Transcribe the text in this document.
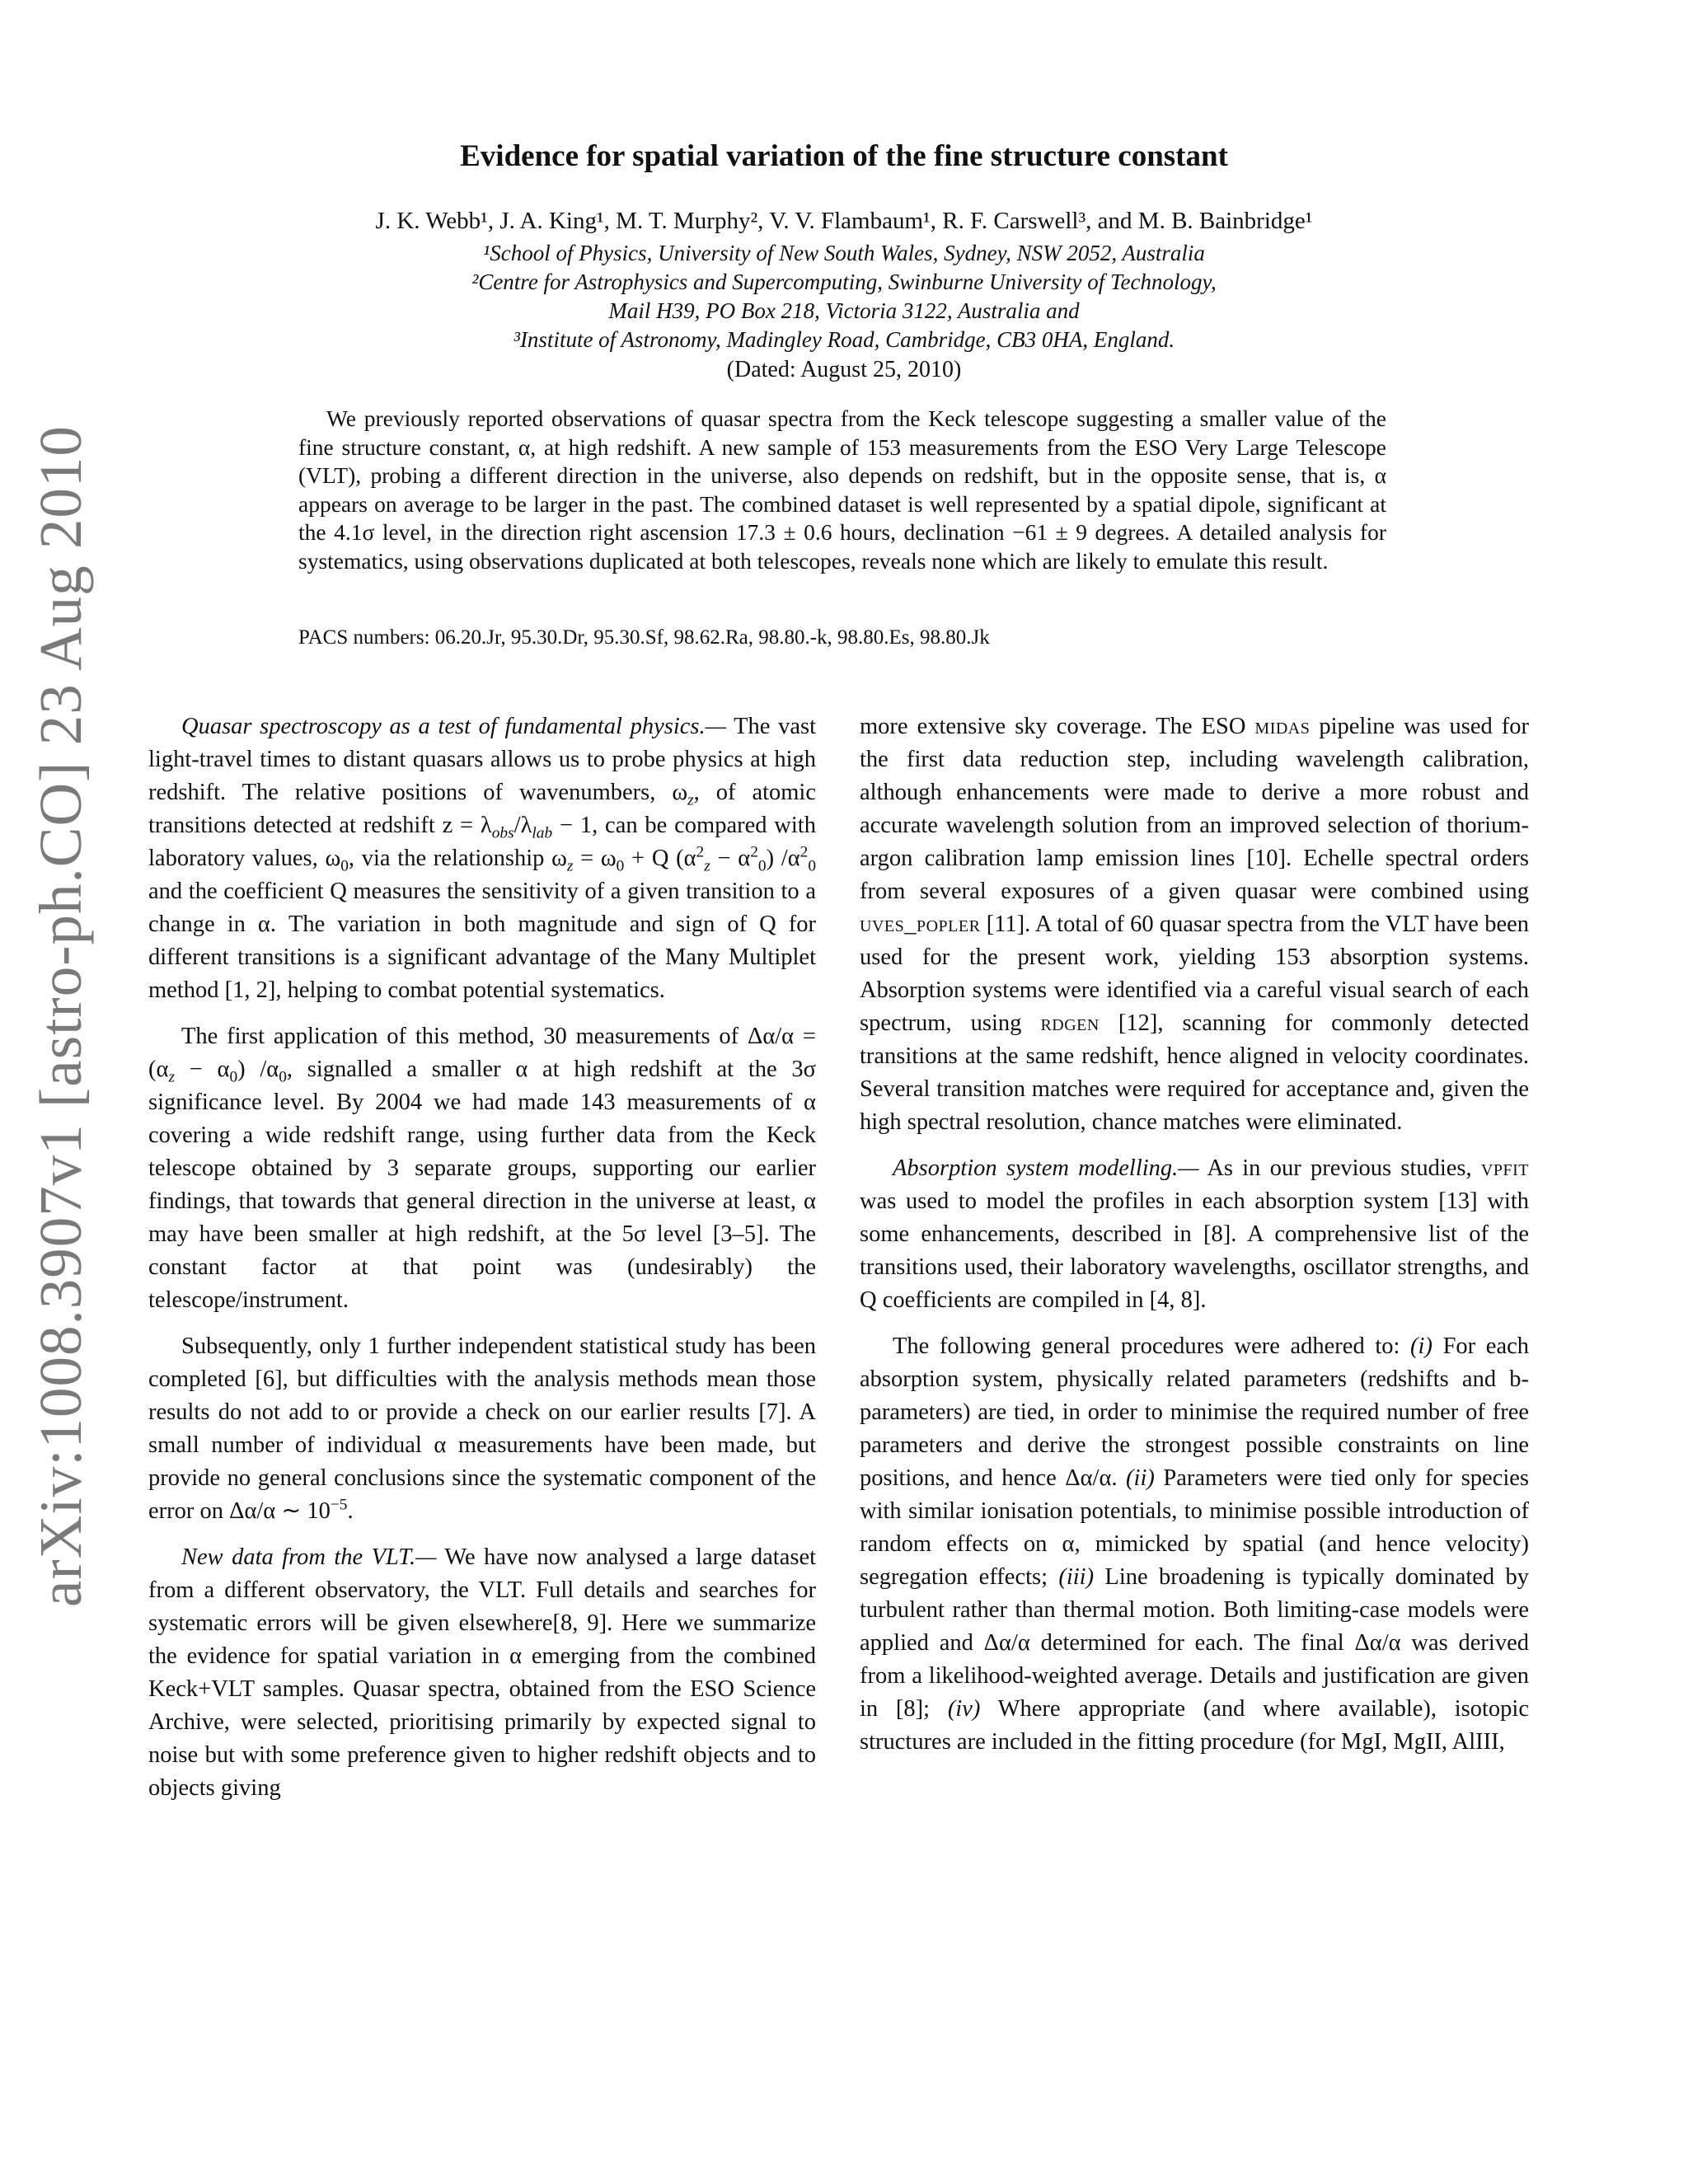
arXiv:1008.3907v1 [astro-ph.CO] 23 Aug 2010
Evidence for spatial variation of the fine structure constant
J. K. Webb¹, J. A. King¹, M. T. Murphy², V. V. Flambaum¹, R. F. Carswell³, and M. B. Bainbridge¹
¹School of Physics, University of New South Wales, Sydney, NSW 2052, Australia
²Centre for Astrophysics and Supercomputing, Swinburne University of Technology,
Mail H39, PO Box 218, Victoria 3122, Australia and
³Institute of Astronomy, Madingley Road, Cambridge, CB3 0HA, England.
(Dated: August 25, 2010)

We previously reported observations of quasar spectra from the Keck telescope suggesting a smaller value of the fine structure constant, α, at high redshift. A new sample of 153 measurements from the ESO Very Large Telescope (VLT), probing a different direction in the universe, also depends on redshift, but in the opposite sense, that is, α appears on average to be larger in the past. The combined dataset is well represented by a spatial dipole, significant at the 4.1σ level, in the direction right ascension 17.3 ± 0.6 hours, declination −61 ± 9 degrees. A detailed analysis for systematics, using observations duplicated at both telescopes, reveals none which are likely to emulate this result.

PACS numbers: 06.20.Jr, 95.30.Dr, 95.30.Sf, 98.62.Ra, 98.80.-k, 98.80.Es, 98.80.Jk

Quasar spectroscopy as a test of fundamental physics.— The vast light-travel times to distant quasars allows us to probe physics at high redshift. The relative positions of wavenumbers, $\omega_z$, of atomic transitions detected at redshift $z = \lambda_{obs}/\lambda_{lab} - 1$, can be compared with laboratory values, $\omega_0$, via the relationship $\omega_z = \omega_0 + Q$ $(\alpha^2_z - \alpha^2_0)$ $/\alpha^2_0$ and the coefficient Q measures the sensitivity of a given transition to a change in α. The variation in both magnitude and sign of Q for different transitions is a significant advantage of the Many Multiplet method [1, 2], helping to combat potential systematics.

The first application of this method, 30 measurements of $\Delta\alpha/\alpha = (\alpha_z - \alpha_0)$ $/\alpha_0$, signalled a smaller α at high redshift at the 3σ significance level. By 2004 we had made 143 measurements of α covering a wide redshift range, using further data from the Keck telescope obtained by 3 separate groups, supporting our earlier findings, that towards that general direction in the universe at least, α may have been smaller at high redshift, at the 5σ level [3–5]. The constant factor at that point was (undesirably) the telescope/instrument.

Subsequently, only 1 further independent statistical study has been completed [6], but difficulties with the analysis methods mean those results do not add to or provide a check on our earlier results [7]. A small number of individual α measurements have been made, but provide no general conclusions since the systematic component of the error on Δα/α ∼ $10^{-5}$.

New data from the VLT.— We have now analysed a large dataset from a different observatory, the VLT. Full details and searches for systematic errors will be given elsewhere[8, 9]. Here we summarize the evidence for spatial variation in α emerging from the combined Keck+VLT samples. Quasar spectra, obtained from the ESO Science Archive, were selected, prioritising primarily by expected signal to noise but with some preference given to higher redshift objects and to objects giving

more extensive sky coverage. The ESO midas pipeline was used for the first data reduction step, including wavelength calibration, although enhancements were made to derive a more robust and accurate wavelength solution from an improved selection of thorium-argon calibration lamp emission lines [10]. Echelle spectral orders from several exposures of a given quasar were combined using uves_popler [11]. A total of 60 quasar spectra from the VLT have been used for the present work, yielding 153 absorption systems. Absorption systems were identified via a careful visual search of each spectrum, using rdgen [12], scanning for commonly detected transitions at the same redshift, hence aligned in velocity coordinates. Several transition matches were required for acceptance and, given the high spectral resolution, chance matches were eliminated.

Absorption system modelling.— As in our previous studies, vpfit was used to model the profiles in each absorption system [13] with some enhancements, described in [8]. A comprehensive list of the transitions used, their laboratory wavelengths, oscillator strengths, and Q coefficients are compiled in [4, 8].

The following general procedures were adhered to: (i) For each absorption system, physically related parameters (redshifts and b-parameters) are tied, in order to minimise the required number of free parameters and derive the strongest possible constraints on line positions, and hence Δα/α. (ii) Parameters were tied only for species with similar ionisation potentials, to minimise possible introduction of random effects on α, mimicked by spatial (and hence velocity) segregation effects; (iii) Line broadening is typically dominated by turbulent rather than thermal motion. Both limiting-case models were applied and Δα/α determined for each. The final Δα/α was derived from a likelihood-weighted average. Details and justification are given in [8]; (iv) Where appropriate (and where available), isotopic structures are included in the fitting procedure (for MgI, MgII, AlIII,
